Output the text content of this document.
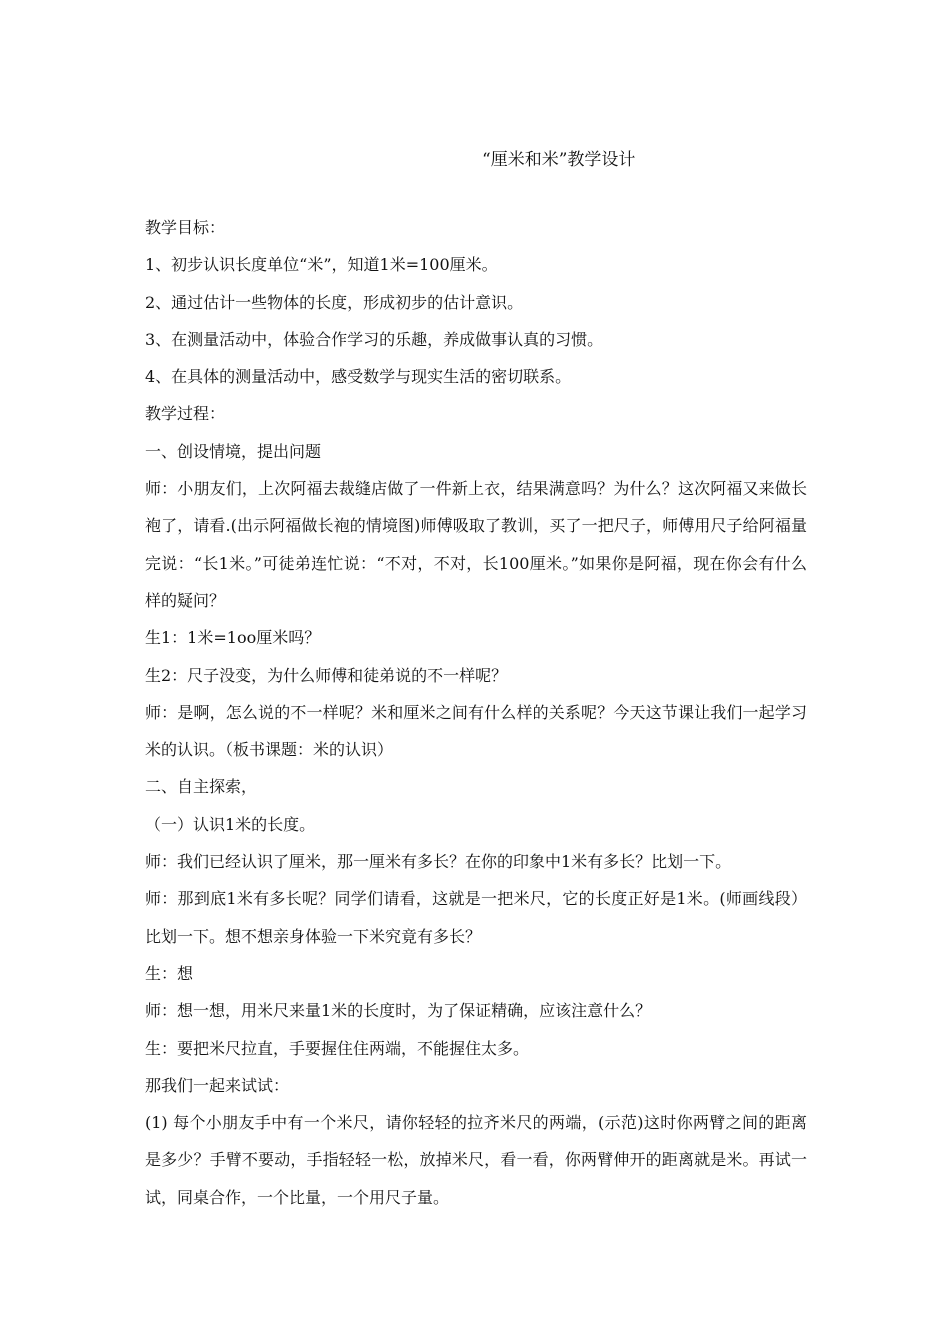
“厘米和米”教学设计

教学目标：

1、初步认识长度单位“米”，知道1米=100厘米。

2、通过估计一些物体的长度，形成初步的估计意识。

3、在测量活动中，体验合作学习的乐趣，养成做事认真的习惯。

4、在具体的测量活动中，感受数学与现实生活的密切联系。

教学过程：

一、创设情境，提出问题

师：小朋友们，上次阿福去裁缝店做了一件新上衣，结果满意吗？为什么？这次阿福又来做长袍了，请看.(出示阿福做长袍的情境图)师傅吸取了教训，买了一把尺子，师傅用尺子给阿福量完说：“长1米。”可徒弟连忙说：“不对，不对，长100厘米。”如果你是阿福，现在你会有什么样的疑问？

生1：1米=1oo厘米吗？

生2：尺子没变，为什么师傅和徒弟说的不一样呢？

师：是啊，怎么说的不一样呢？米和厘米之间有什么样的关系呢？今天这节课让我们一起学习米的认识。（板书课题：米的认识）

二、自主探索，

（一）认识1米的长度。

师：我们已经认识了厘米，那一厘米有多长？在你的印象中1米有多长？比划一下。

师：那到底1米有多长呢？同学们请看，这就是一把米尺，它的长度正好是1米。(师画线段）比划一下。想不想亲身体验一下米究竟有多长？

生：想

师：想一想，用米尺来量1米的长度时，为了保证精确，应该注意什么？

生：要把米尺拉直，手要握住住两端，不能握住太多。

那我们一起来试试：

(1) 每个小朋友手中有一个米尺，请你轻轻的拉齐米尺的两端，(示范)这时你两臂之间的距离是多少？手臂不要动，手指轻轻一松，放掉米尺，看一看，你两臂伸开的距离就是米。再试一试，同桌合作，一个比量，一个用尺子量。
